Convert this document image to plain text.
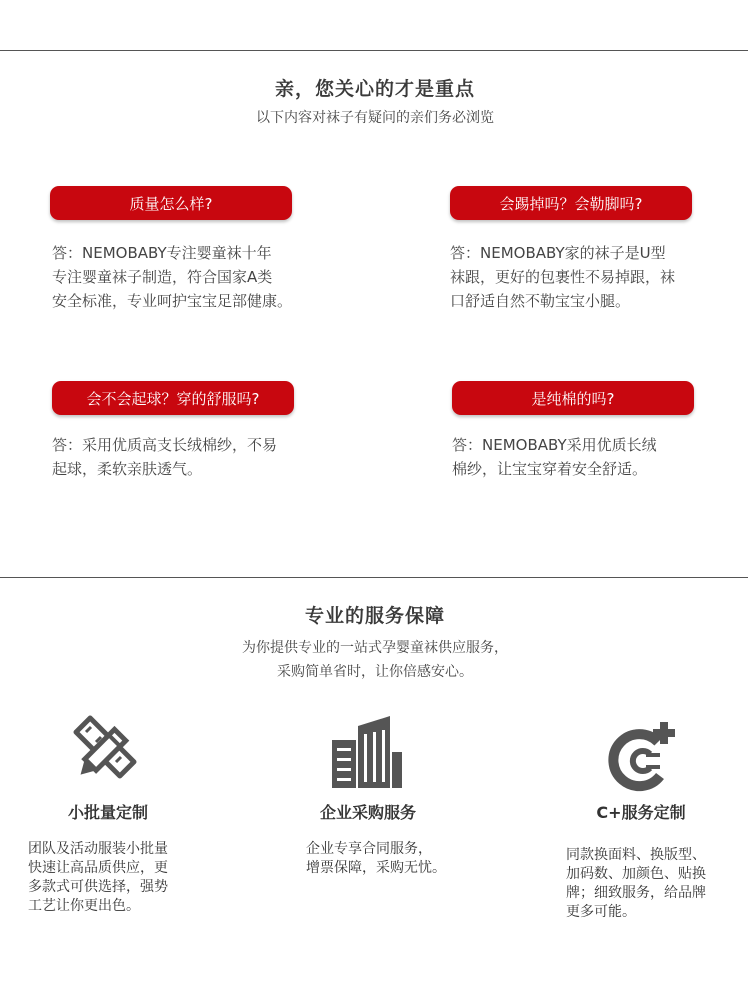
亲，您关心的才是重点
以下内容对袜子有疑问的亲们务必浏览
质量怎么样?
答：NEMOBABY专注婴童袜十年
专注婴童袜子制造，符合国家A类
安全标准，专业呵护宝宝足部健康。
会踢掉吗？会勒脚吗?
答：NEMOBABY家的袜子是U型
袜跟，更好的包裹性不易掉跟，袜
口舒适自然不勒宝宝小腿。
会不会起球？穿的舒服吗?
答：采用优质高支长绒棉纱，不易
起球，柔软亲肤透气。
是纯棉的吗?
答：NEMOBABY采用优质长绒
棉纱，让宝宝穿着安全舒适。
专业的服务保障
为你提供专业的一站式孕婴童袜供应服务，
采购简单省时，让你倍感安心。
小批量定制
团队及活动服装小批量
快速让高品质供应，更
多款式可供选择，强势
工艺让你更出色。
企业采购服务
企业专享合同服务，
增票保障，采购无忧。
C+服务定制
同款换面料、换版型、
加码数、加颜色、贴换
牌；细致服务，给品牌
更多可能。
